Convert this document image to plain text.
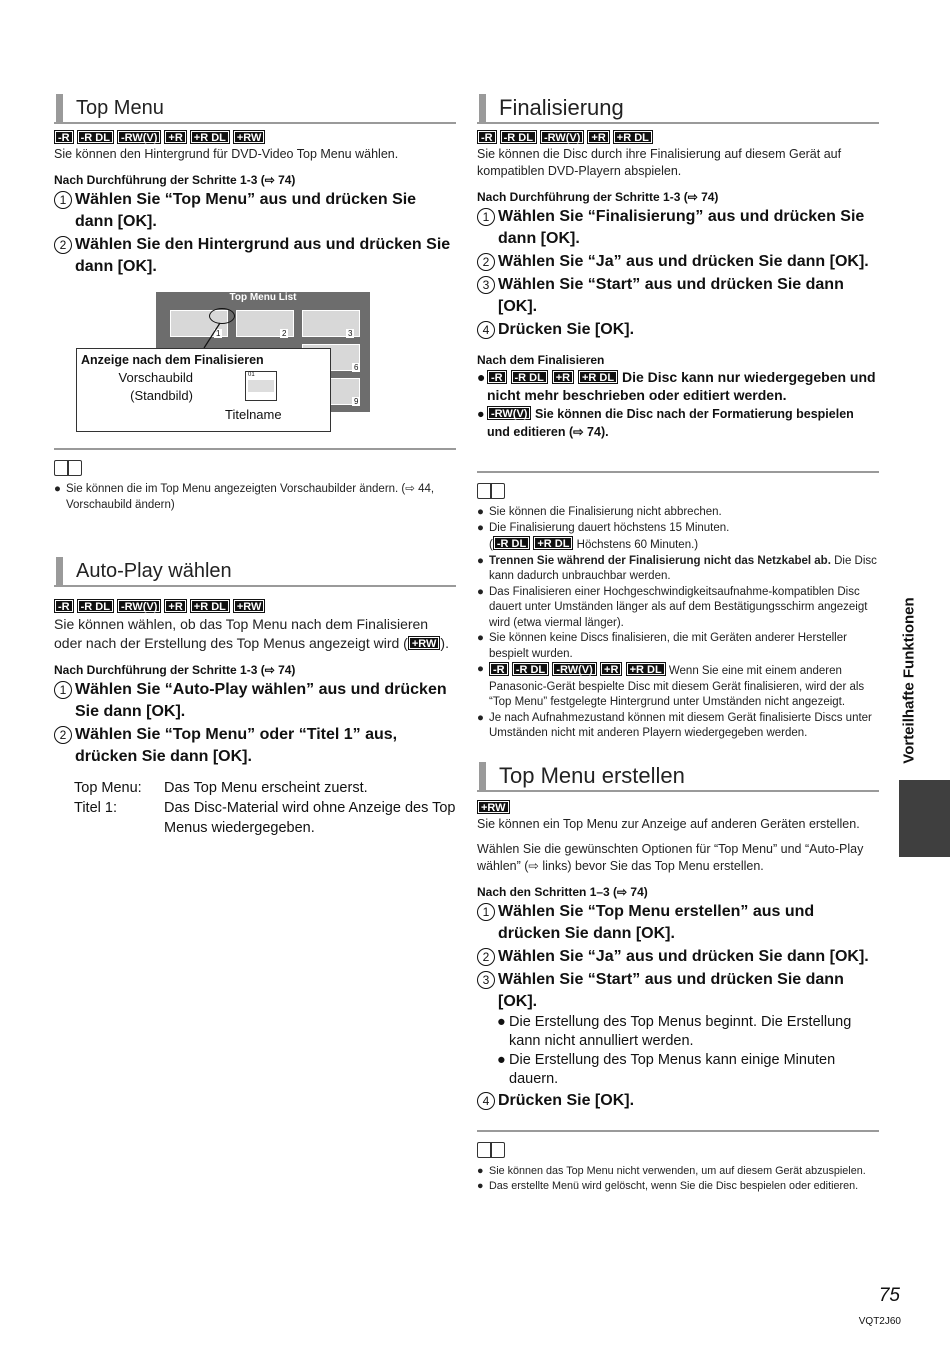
Top Menu
-R	-R DL	-RW(V)	+R	+R DL	+RW
Sie können den Hintergrund für DVD-Video Top Menu wählen.
Nach Durchführung der Schritte 1-3 (⇨ 74)
1 Wählen Sie “Top Menu” aus und drücken Sie dann [OK].
2 Wählen Sie den Hintergrund aus und drücken Sie dann [OK].
Top Menu List
1	2	3
6
9
Anzeige nach dem Finalisieren
Vorschaubild
(Standbild)
Titelname
01
● Sie können die im Top Menu angezeigten Vorschaubilder ändern. (⇨ 44, Vorschaubild ändern)
Auto-Play wählen
-R	-R DL	-RW(V)	+R	+R DL	+RW
Sie können wählen, ob das Top Menu nach dem Finalisieren oder nach der Erstellung des Top Menus angezeigt wird ( +RW ).
Nach Durchführung der Schritte 1-3 (⇨ 74)
1 Wählen Sie “Auto-Play wählen” aus und drücken Sie dann [OK].
2 Wählen Sie “Top Menu” oder “Titel 1” aus, drücken Sie dann [OK].
Top Menu:	Das Top Menu erscheint zuerst.
Titel 1:	Das Disc-Material wird ohne Anzeige des Top Menus wiedergegeben.
Finalisierung
-R	-R DL	-RW(V)	+R	+R DL
Sie können die Disc durch ihre Finalisierung auf diesem Gerät auf kompatiblen DVD-Playern abspielen.
Nach Durchführung der Schritte 1-3 (⇨ 74)
1 Wählen Sie “Finalisierung” aus und drücken Sie dann [OK].
2 Wählen Sie “Ja” aus und drücken Sie dann [OK].
3 Wählen Sie “Start” aus und drücken Sie dann [OK].
4 Drücken Sie [OK].
Nach dem Finalisieren
● -R -R DL +R +R DL Die Disc kann nur wiedergegeben und nicht mehr beschrieben oder editiert werden.
● -RW(V) Sie können die Disc nach der Formatierung bespielen und editieren (⇨ 74).
● Sie können die Finalisierung nicht abbrechen.
● Die Finalisierung dauert höchstens 15 Minuten.
( -R DL +R DL Höchstens 60 Minuten.)
● Trennen Sie während der Finalisierung nicht das Netzkabel ab. Die Disc kann dadurch unbrauchbar werden.
● Das Finalisieren einer Hochgeschwindigkeitsaufnahme-kompatiblen Disc dauert unter Umständen länger als auf dem Bestätigungsschirm angezeigt wird (etwa viermal länger).
● Sie können keine Discs finalisieren, die mit Geräten anderer Hersteller bespielt wurden.
● -R -R DL -RW(V) +R +R DL Wenn Sie eine mit einem anderen Panasonic-Gerät bespielte Disc mit diesem Gerät finalisieren, wird der als “Top Menu” festgelegte Hintergrund unter Umständen nicht angezeigt.
● Je nach Aufnahmezustand können mit diesem Gerät finalisierte Discs unter Umständen nicht mit anderen Playern wiedergegeben werden.
Top Menu erstellen
+RW
Sie können ein Top Menu zur Anzeige auf anderen Geräten erstellen.
Wählen Sie die gewünschten Optionen für “Top Menu” und “Auto-Play wählen” (⇨ links) bevor Sie das Top Menu erstellen.
Nach den Schritten 1–3 (⇨ 74)
1 Wählen Sie “Top Menu erstellen” aus und drücken Sie dann [OK].
2 Wählen Sie “Ja” aus und drücken Sie dann [OK].
3 Wählen Sie “Start” aus und drücken Sie dann [OK].
● Die Erstellung des Top Menus beginnt. Die Erstellung kann nicht annulliert werden.
● Die Erstellung des Top Menus kann einige Minuten dauern.
4 Drücken Sie [OK].
● Sie können das Top Menu nicht verwenden, um auf diesem Gerät abzuspielen.
● Das erstellte Menü wird gelöscht, wenn Sie die Disc bespielen oder editieren.
Vorteilhafte Funktionen
75
VQT2J60
